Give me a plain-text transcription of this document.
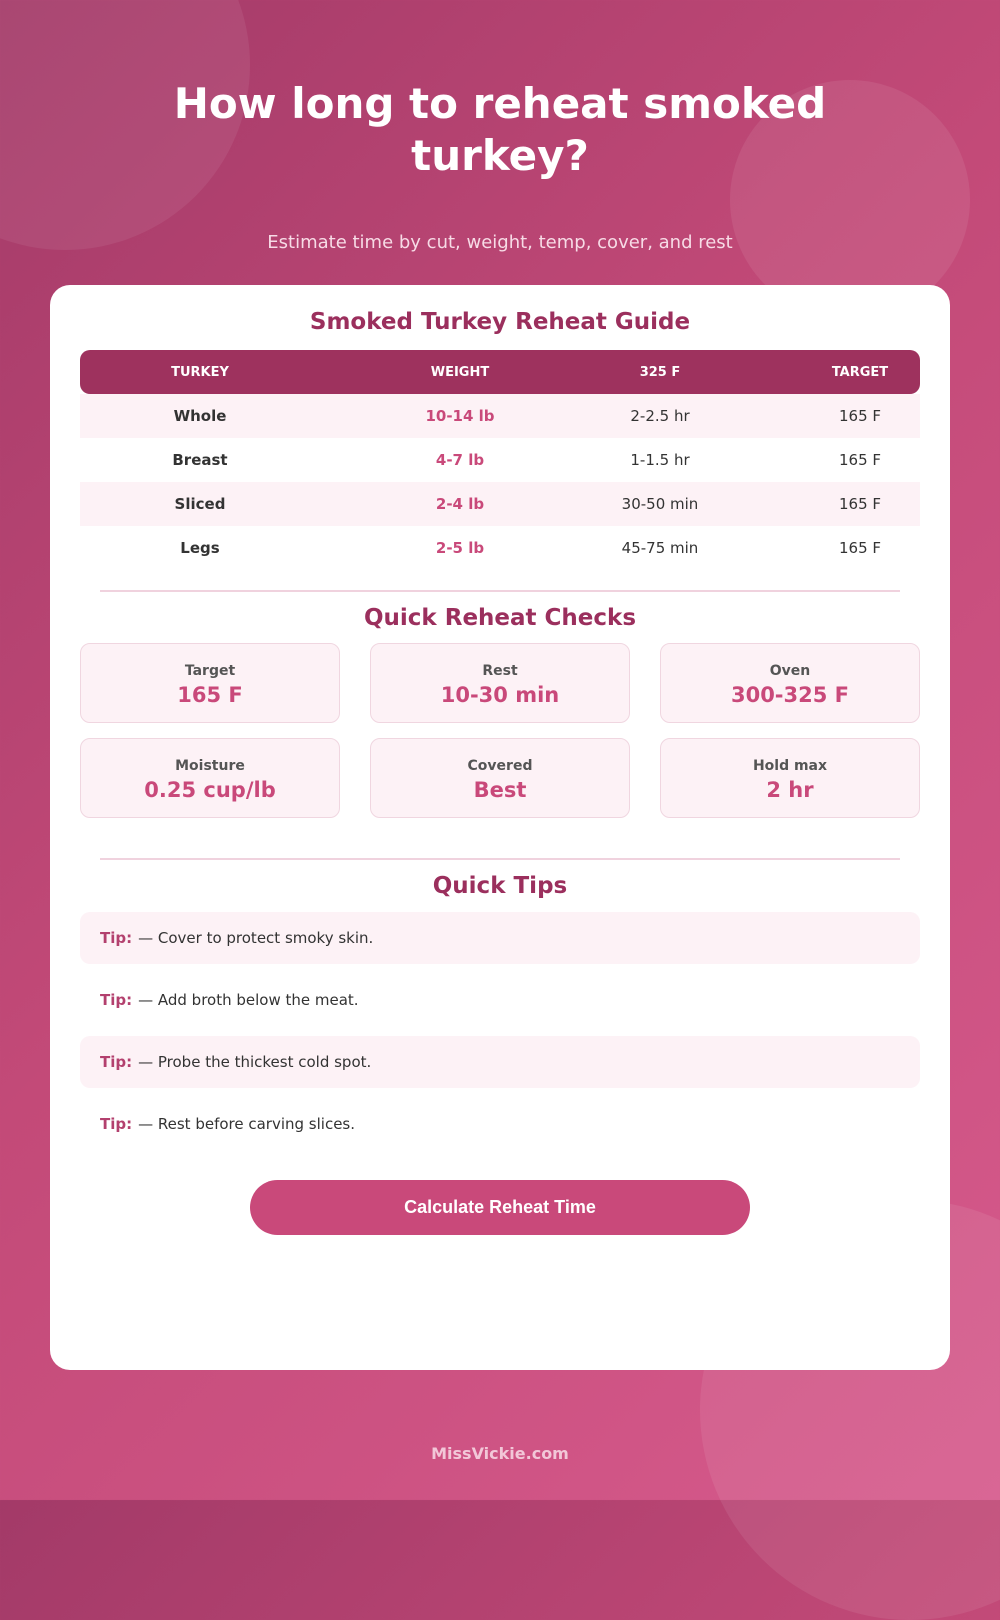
How long to reheat smoked turkey?
Estimate time by cut, weight, temp, cover, and rest
Smoked Turkey Reheat Guide
TURKEY	WEIGHT	325 F	TARGET
Whole	10-14 lb	2-2.5 hr	165 F
Breast	4-7 lb	1-1.5 hr	165 F
Sliced	2-4 lb	30-50 min	165 F
Legs	2-5 lb	45-75 min	165 F
Quick Reheat Checks
Target
165 F
Rest
10-30 min
Oven
300-325 F
Moisture
0.25 cup/lb
Covered
Best
Hold max
2 hr
Quick Tips
Tip: — Cover to protect smoky skin.
Tip: — Add broth below the meat.
Tip: — Probe the thickest cold spot.
Tip: — Rest before carving slices.
Calculate Reheat Time
MissVickie.com
